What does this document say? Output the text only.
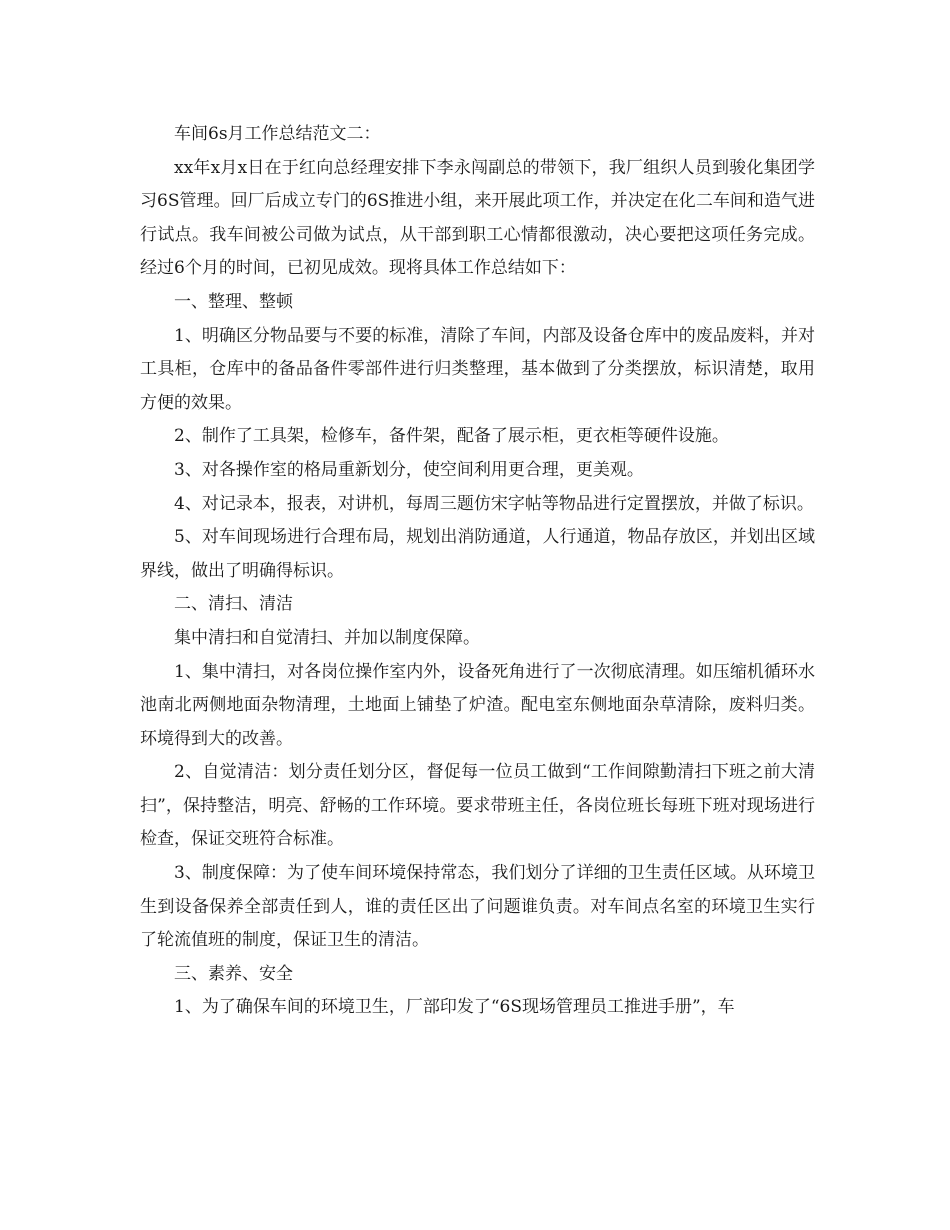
车间6s月工作总结范文二：

xx年x月x日在于红向总经理安排下李永闯副总的带领下，我厂组织人员到骏化集团学习6S管理。回厂后成立专门的6S推进小组，来开展此项工作，并决定在化二车间和造气进行试点。我车间被公司做为试点，从干部到职工心情都很激动，决心要把这项任务完成。经过6个月的时间，已初见成效。现将具体工作总结如下：

一、整理、整顿

1、明确区分物品要与不要的标准，清除了车间，内部及设备仓库中的废品废料，并对工具柜，仓库中的备品备件零部件进行归类整理，基本做到了分类摆放，标识清楚，取用方便的效果。

2、制作了工具架，检修车，备件架，配备了展示柜，更衣柜等硬件设施。

3、对各操作室的格局重新划分，使空间利用更合理，更美观。

4、对记录本，报表，对讲机，每周三题仿宋字帖等物品进行定置摆放，并做了标识。

5、对车间现场进行合理布局，规划出消防通道，人行通道，物品存放区，并划出区域界线，做出了明确得标识。

二、清扫、清洁

集中清扫和自觉清扫、并加以制度保障。

1、集中清扫，对各岗位操作室内外，设备死角进行了一次彻底清理。如压缩机循环水池南北两侧地面杂物清理，土地面上铺垫了炉渣。配电室东侧地面杂草清除，废料归类。环境得到大的改善。

2、自觉清洁：划分责任划分区，督促每一位员工做到“工作间隙勤清扫下班之前大清扫”，保持整洁，明亮、舒畅的工作环境。要求带班主任，各岗位班长每班下班对现场进行检查，保证交班符合标准。

3、制度保障：为了使车间环境保持常态，我们划分了详细的卫生责任区域。从环境卫生到设备保养全部责任到人，谁的责任区出了问题谁负责。对车间点名室的环境卫生实行了轮流值班的制度，保证卫生的清洁。

三、素养、安全

1、为了确保车间的环境卫生，厂部印发了“6S现场管理员工推进手册”，车
